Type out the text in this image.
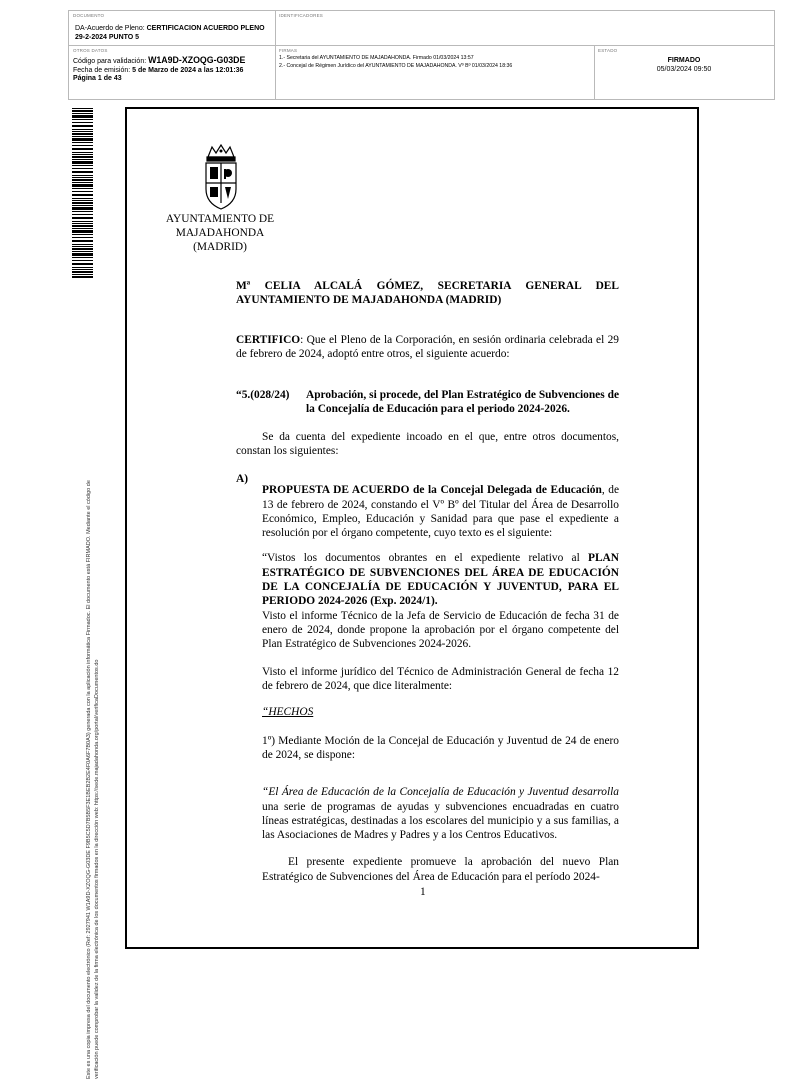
DOCUMENTO
DA-Acuerdo de Pleno: CERTIFICACION ACUERDO PLENO 29-2-2024 PUNTO 5
IDENTIFICADORES
OTROS DATOS
Código para validación: W1A9D-XZOQG-G03DE
Fecha de emisión: 5 de Marzo de 2024 a las 12:01:36
Página 1 de 43
FIRMAS
1.- Secretaria del AYUNTAMIENTO DE MAJADAHONDA. Firmado 01/03/2024 13:57
2.- Concejal de Régimen Jurídico del AYUNTAMIENTO DE MAJADAHONDA. Vº Bº 01/03/2024 18:36
ESTADO
FIRMADO
05/03/2024 09:50
Este es una copia impresa del documento electrónico (Ref: 2927941 W1A9D-XZOQG-G03DE F9B5C5D7B5B5F3E1BEB2B2E4F0A6F7B0A3) generada con la aplicación informática Firmadoc. El documento está FIRMADO. Mediante el código de verificación puede comprobar la validez de la firma electrónica de los documentos firmados en la dirección web: https://sede.majadahonda.org/portal/verificaDocumentos.do
AYUNTAMIENTO DE
MAJADAHONDA
(MADRID)

Mª CELIA ALCALÁ GÓMEZ, SECRETARIA GENERAL DEL

AYUNTAMIENTO DE MAJADAHONDA (MADRID)

CERTIFICO: Que el Pleno de la Corporación, en sesión ordinaria celebrada el 29 de febrero de 2024, adoptó entre otros, el siguiente acuerdo:

“5.(028/24)	Aprobación, si procede, del Plan Estratégico de Subvenciones de la Concejalía de Educación para el periodo 2024-2026.

Se da cuenta del expediente incoado en el que, entre otros documentos, constan los siguientes:

A)

PROPUESTA DE ACUERDO de la Concejal Delegada de Educación, de 13 de febrero de 2024, constando el Vº Bº del Titular del Área de Desarrollo Económico, Empleo, Educación y Sanidad para que pase el expediente a resolución por el órgano competente, cuyo texto es el siguiente:

“Vistos los documentos obrantes en el expediente relativo al PLAN ESTRATÉGICO DE SUBVENCIONES DEL ÁREA DE EDUCACIÓN DE LA CONCEJALÍA DE EDUCACIÓN Y JUVENTUD, PARA EL PERIODO 2024-2026 (Exp. 2024/1).

Visto el informe Técnico de la Jefa de Servicio de Educación de fecha 31 de enero de 2024, donde propone la aprobación por el órgano competente del Plan Estratégico de Subvenciones 2024-2026.
Visto el informe jurídico del Técnico de Administración General de fecha 12 de febrero de 2024, que dice literalmente:
“HECHOS
1º) Mediante Moción de la Concejal de Educación y Juventud de 24 de enero de 2024, se dispone:

“El Área de Educación de la Concejalía de Educación y Juventud desarrolla una serie de programas de ayudas y subvenciones encuadradas en cuatro líneas estratégicas, destinadas a los escolares del municipio y a sus familias, a las Asociaciones de Madres y Padres y a los Centros Educativos.

El presente expediente promueve la aprobación del nuevo Plan Estratégico de Subvenciones del Área de Educación para el período 2024-

1
